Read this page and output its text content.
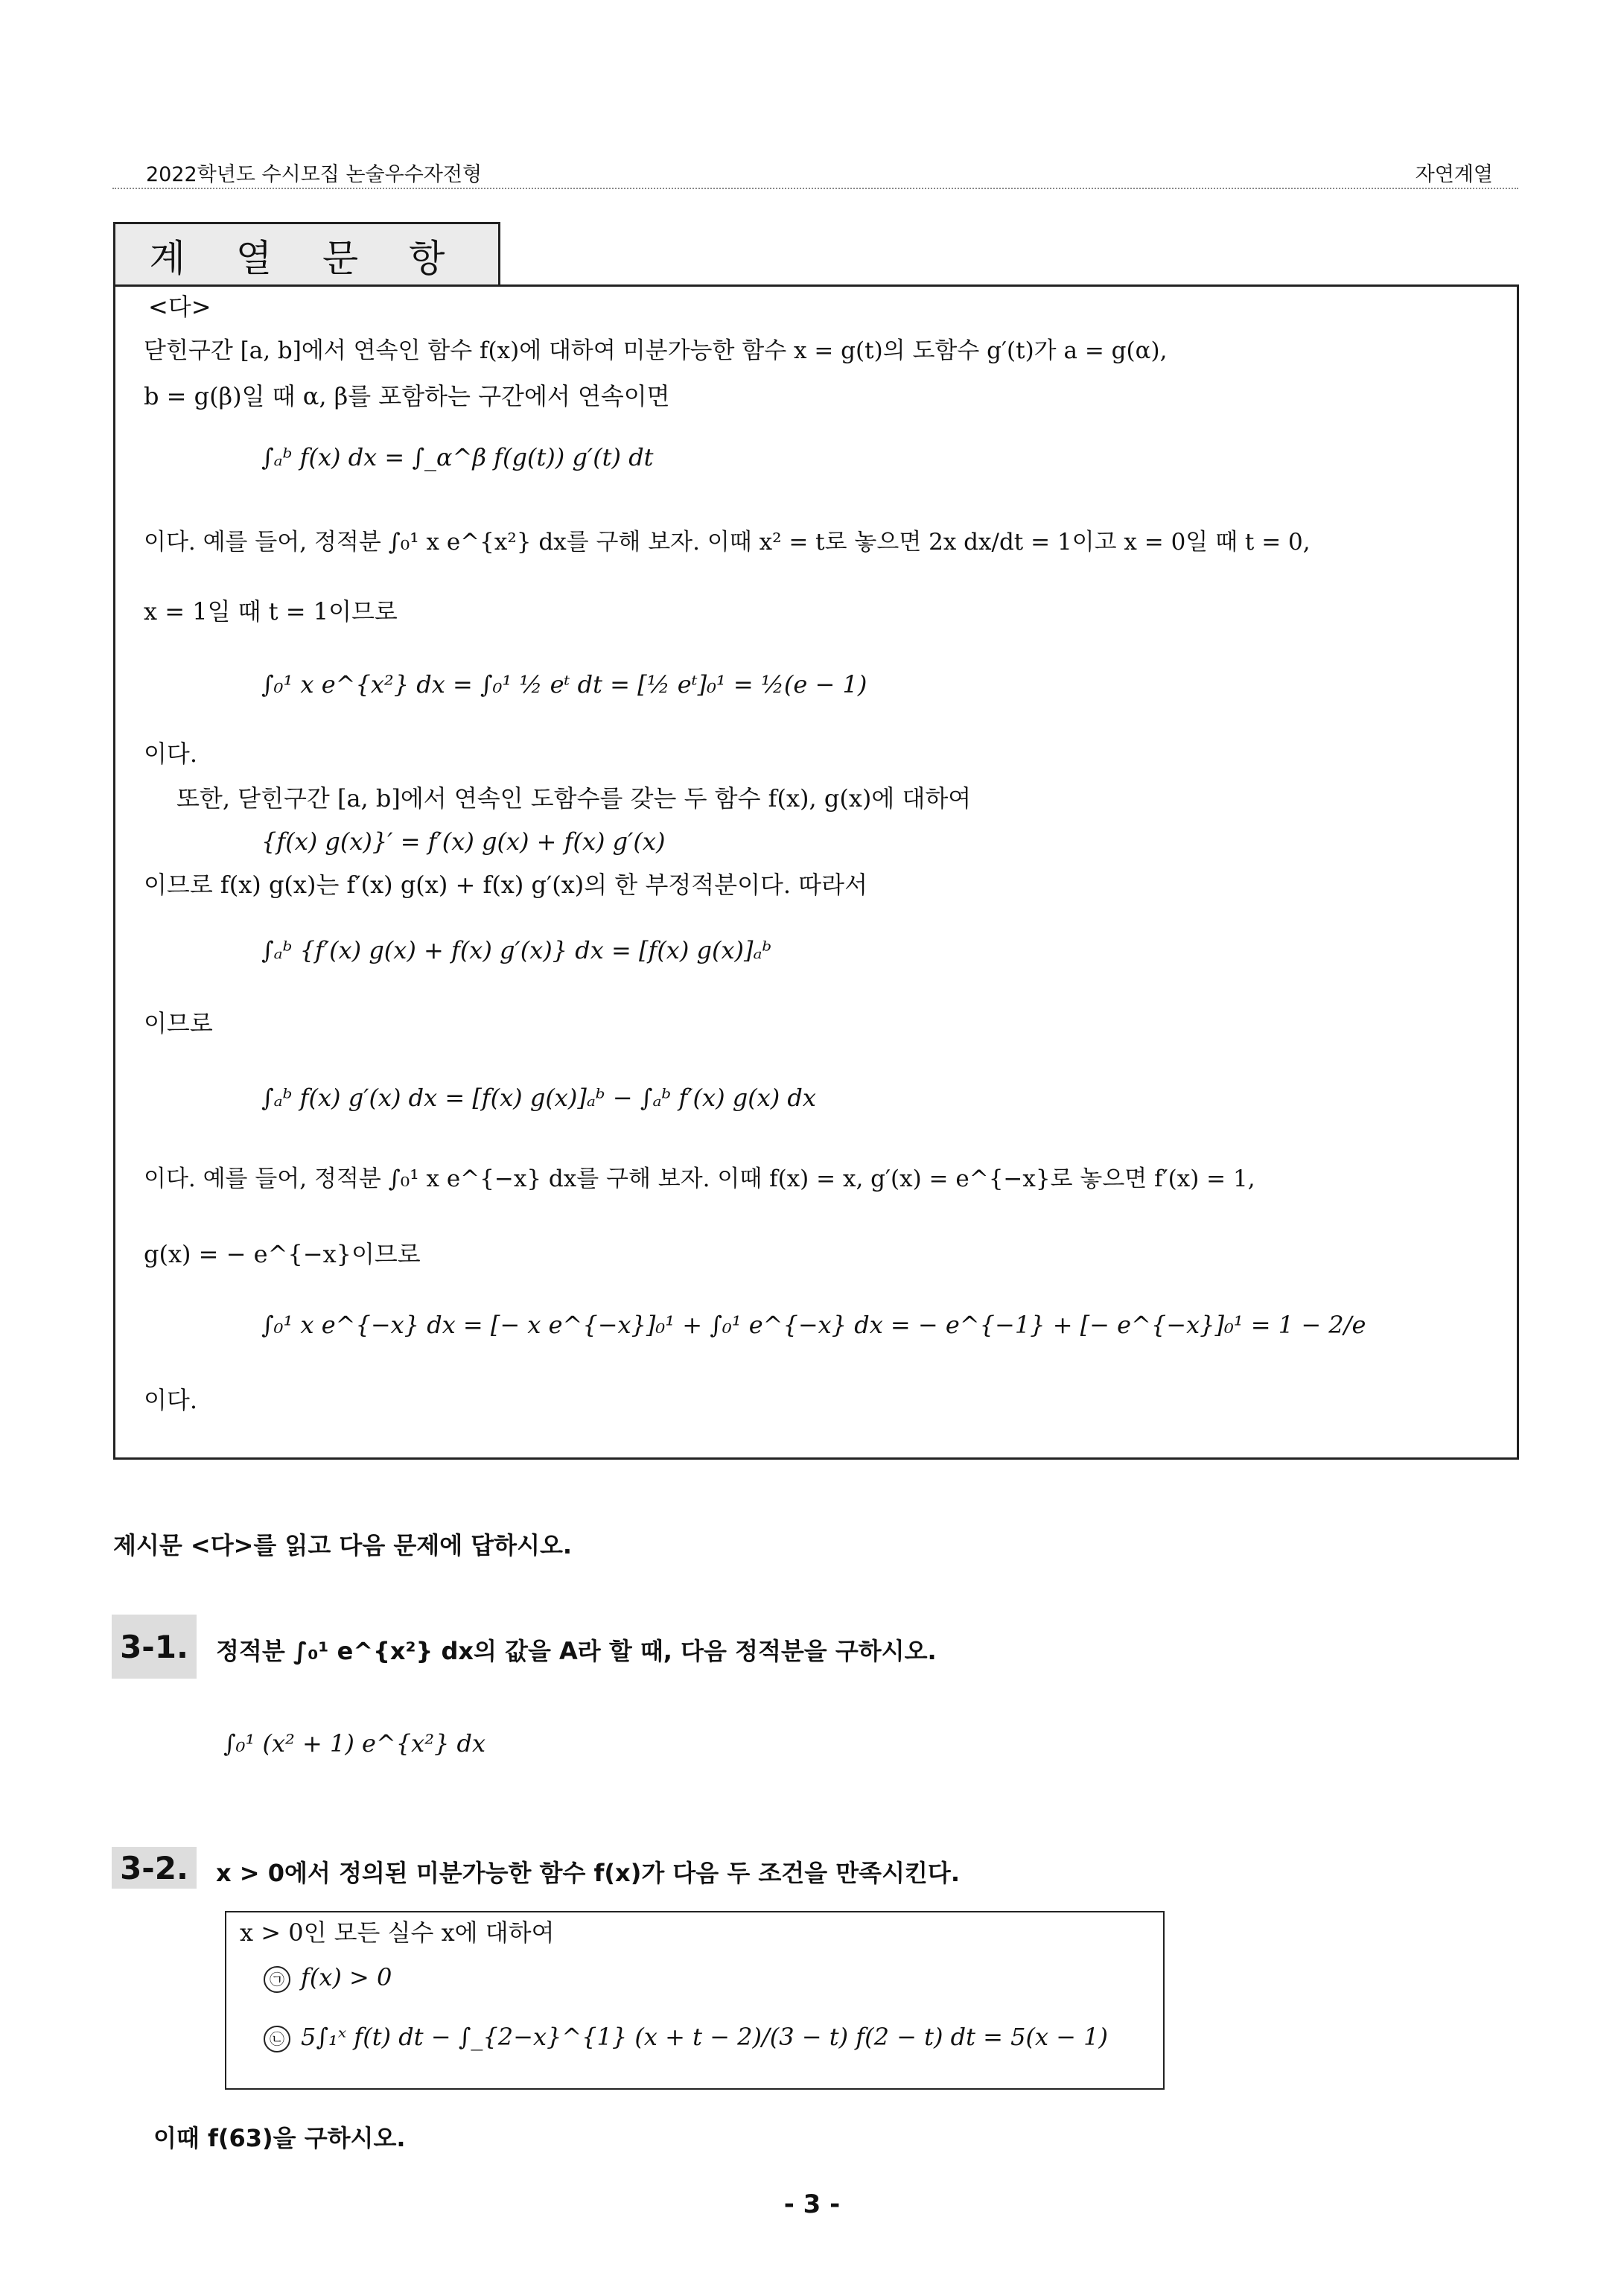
2022학년도 수시모집 논술우수자전형	자연계열
계 열 문 항
<다>
닫힌구간 [a, b]에서 연속인 함수 f(x)에 대하여 미분가능한 함수 x = g(t)의 도함수 g′(t)가 a = g(α),
b = g(β)일 때 α, β를 포함하는 구간에서 연속이면
∫ₐᵇ f(x) dx = ∫_α^β f(g(t)) g′(t) dt
이다. 예를 들어, 정적분 ∫₀¹ x e^{x²} dx를 구해 보자. 이때 x² = t로 놓으면 2x dx/dt = 1이고 x = 0일 때 t = 0,
x = 1일 때 t = 1이므로
∫₀¹ x e^{x²} dx = ∫₀¹ ½ eᵗ dt = [½ eᵗ]₀¹ = ½(e − 1)
이다.
또한, 닫힌구간 [a, b]에서 연속인 도함수를 갖는 두 함수 f(x), g(x)에 대하여
{f(x) g(x)}′ = f′(x) g(x) + f(x) g′(x)
이므로 f(x) g(x)는 f′(x) g(x) + f(x) g′(x)의 한 부정적분이다. 따라서
∫ₐᵇ {f′(x) g(x) + f(x) g′(x)} dx = [f(x) g(x)]ₐᵇ
이므로
∫ₐᵇ f(x) g′(x) dx = [f(x) g(x)]ₐᵇ − ∫ₐᵇ f′(x) g(x) dx
이다. 예를 들어, 정적분 ∫₀¹ x e^{−x} dx를 구해 보자. 이때 f(x) = x, g′(x) = e^{−x}로 놓으면 f′(x) = 1,
g(x) = − e^{−x}이므로
∫₀¹ x e^{−x} dx = [− x e^{−x}]₀¹ + ∫₀¹ e^{−x} dx = − e^{−1} + [− e^{−x}]₀¹ = 1 − 2/e
이다.
제시문 <다>를 읽고 다음 문제에 답하시오.
3-1.	정적분 ∫₀¹ e^{x²} dx의 값을 A라 할 때, 다음 정적분을 구하시오.
∫₀¹ (x² + 1) e^{x²} dx
3-2.	x > 0에서 정의된 미분가능한 함수 f(x)가 다음 두 조건을 만족시킨다.
x > 0인 모든 실수 x에 대하여
㉠ f(x) > 0
㉡ 5∫₁ˣ f(t) dt − ∫_{2−x}^{1} (x + t − 2)/(3 − t) f(2 − t) dt = 5(x − 1)
이때 f(63)을 구하시오.
- 3 -
